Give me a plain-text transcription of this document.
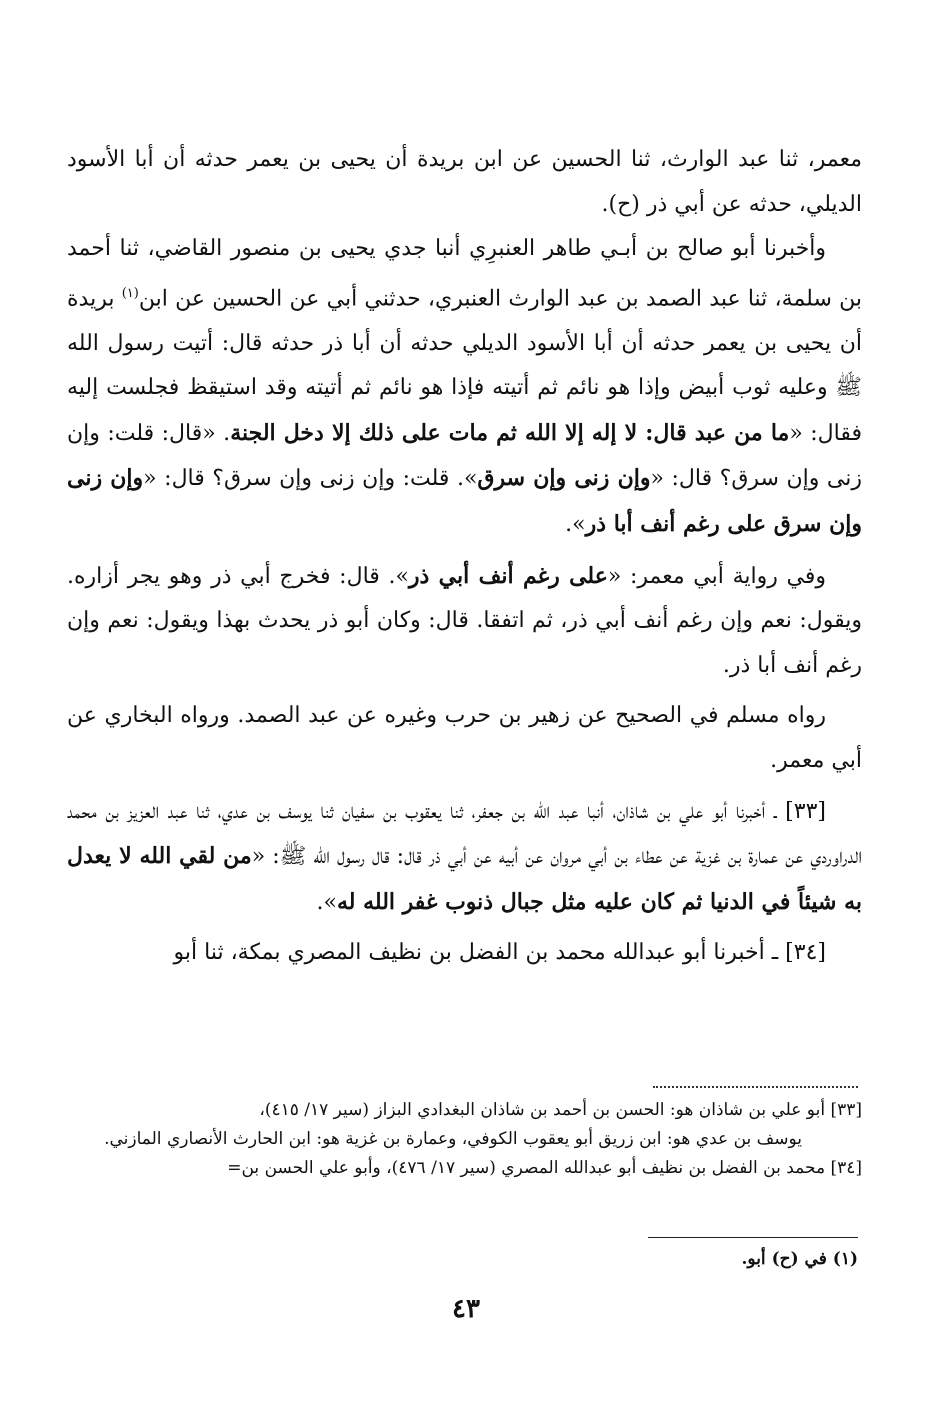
معمر، ثنا عبد الوارث، ثنا الحسين عن ابن بريدة أن يحيى بن يعمر حدثه أن أبا الأسود الديلي، حدثه عن أبي ذر (ح).

وأخبرنا أبو صالح بن أبـي طاهر العنبرِي أنبا جدي يحيى بن منصور القاضي، ثنا أحمد بن سلمة، ثنا عبد الصمد بن عبد الوارث العنبري، حدثني أبي عن الحسين عن ابن$^{(١)}$ بريدة أن يحيى بن يعمر حدثه أن أبا الأسود الديلي حدثه أن أبا ذر حدثه قال: أتيت رسول الله ﷺ وعليه ثوب أبيض وإذا هو نائم ثم أتيته فإذا هو نائم ثم أتيته وقد استيقظ فجلست إليه فقال: «ما من عبد قال: لا إله إلا الله ثم مات على ذلك إلا دخل الجنة. «قال: قلت: وإن زنى وإن سرق؟ قال: «وإن زنى وإن سرق». قلت: وإن زنى وإن سرق؟ قال: «وإن زنى وإن سرق على رغم أنف أبا ذر».

وفي رواية أبي معمر: «على رغم أنف أبي ذر». قال: فخرج أبي ذر وهو يجر أزاره. ويقول: نعم وإن رغم أنف أبي ذر، ثم اتفقا. قال: وكان أبو ذر يحدث بهذا ويقول: نعم وإن رغم أنف أبا ذر.

رواه مسلم في الصحيح عن زهير بن حرب وغيره عن عبد الصمد. ورواه البخاري عن أبي معمر.

[٣٣] ـ أخبرنا أبو علي بن شاذان، أنبا عبد الله بن جعفر، ثنا يعقوب بن سفيان ثنا يوسف بن عدي، ثنا عبد العزيز بن محمد الدراوردي عن عمارة بن غزية عن عطاء بن أبي مروان عن أبيه عن أبي ذر قال: قال رسول الله ﷺ: «من لقي الله لا يعدل به شيئاً في الدنيا ثم كان عليه مثل جبال ذنوب غفر الله له».

[٣٤] ـ أخبرنا أبو عبدالله محمد بن الفضل بن نظيف المصري بمكة، ثنا أبو

[٣٣] أبو علي بن شاذان هو: الحسن بن أحمد بن شاذان البغدادي البزاز (سير ١٧/ ٤١٥)،

يوسف بن عدي هو: ابن زريق أبو يعقوب الكوفي، وعمارة بن غزية هو: ابن الحارث الأنصاري المازني.

[٣٤] محمد بن الفضل بن نظيف أبو عبدالله المصري (سير ١٧/ ٤٧٦)، وأبو علي الحسن بن=

(١) في (ح) أبو.
٤٣
